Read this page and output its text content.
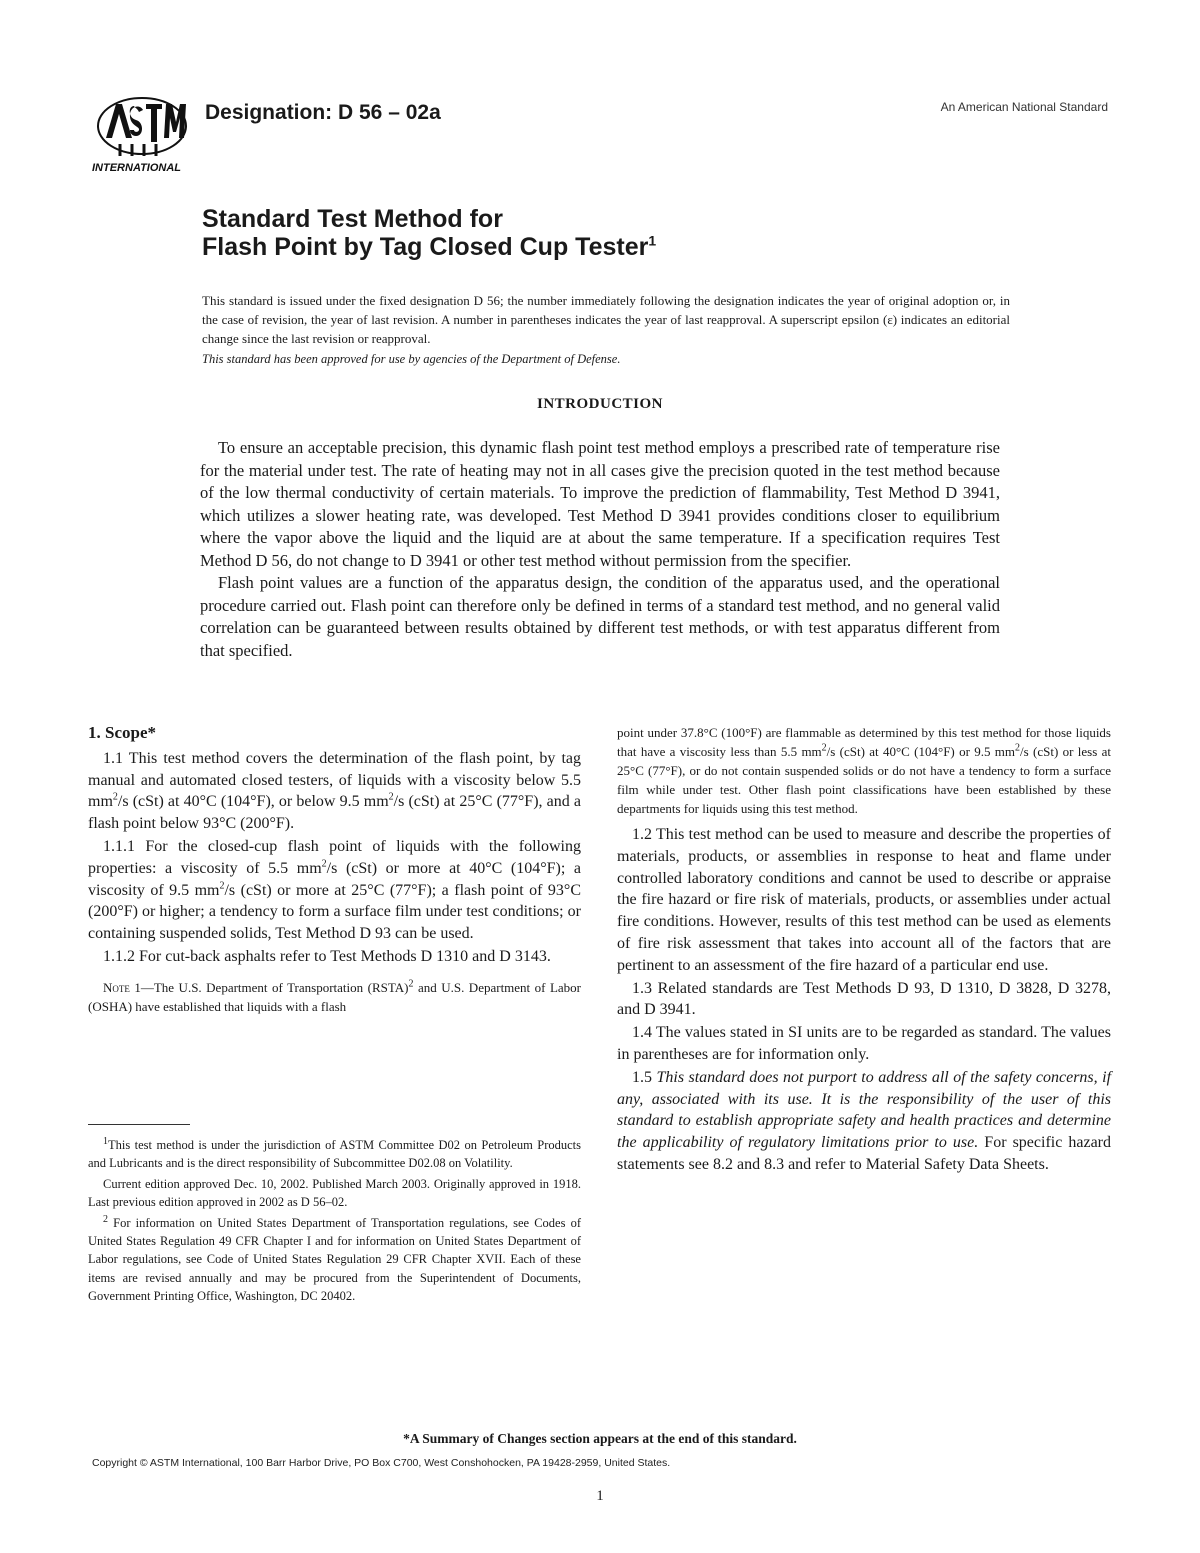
INTERNATIONAL
Designation: D 56 – 02a	An American National Standard
Standard Test Method for
Flash Point by Tag Closed Cup Tester$^1$
This standard is issued under the fixed designation D 56; the number immediately following the designation indicates the year of original adoption or, in the case of revision, the year of last revision. A number in parentheses indicates the year of last reapproval. A superscript epsilon (ε) indicates an editorial change since the last revision or reapproval.
This standard has been approved for use by agencies of the Department of Defense.
INTRODUCTION

To ensure an acceptable precision, this dynamic flash point test method employs a prescribed rate of temperature rise for the material under test. The rate of heating may not in all cases give the precision quoted in the test method because of the low thermal conductivity of certain materials. To improve the prediction of flammability, Test Method D 3941, which utilizes a slower heating rate, was developed. Test Method D 3941 provides conditions closer to equilibrium where the vapor above the liquid and the liquid are at about the same temperature. If a specification requires Test Method D 56, do not change to D 3941 or other test method without permission from the specifier.

Flash point values are a function of the apparatus design, the condition of the apparatus used, and the operational procedure carried out. Flash point can therefore only be defined in terms of a standard test method, and no general valid correlation can be guaranteed between results obtained by different test methods, or with test apparatus different from that specified.

1. Scope*

1.1 This test method covers the determination of the flash point, by tag manual and automated closed testers, of liquids with a viscosity below 5.5 $mm^2/s$ (cSt) at 40°C (104°F), or below 9.5 $mm^2/s$ (cSt) at 25°C (77°F), and a flash point below 93°C (200°F).

1.1.1 For the closed-cup flash point of liquids with the following properties: a viscosity of 5.5 $mm^2/s$ (cSt) or more at 40°C (104°F); a viscosity of 9.5 $mm^2/s$ (cSt) or more at 25°C (77°F); a flash point of 93°C (200°F) or higher; a tendency to form a surface film under test conditions; or containing suspended solids, Test Method D 93 can be used.

1.1.2 For cut-back asphalts refer to Test Methods D 1310 and D 3143.

Note 1—The U.S. Department of Transportation (RSTA)$^2$ and U.S. Department of Labor (OSHA) have established that liquids with a flash

$^1$This test method is under the jurisdiction of ASTM Committee D02 on Petroleum Products and Lubricants and is the direct responsibility of Subcommittee D02.08 on Volatility.

Current edition approved Dec. 10, 2002. Published March 2003. Originally approved in 1918. Last previous edition approved in 2002 as D 56–02.

$^2$ For information on United States Department of Transportation regulations, see Codes of United States Regulation 49 CFR Chapter I and for information on United States Department of Labor regulations, see Code of United States Regulation 29 CFR Chapter XVII. Each of these items are revised annually and may be procured from the Superintendent of Documents, Government Printing Office, Washington, DC 20402.

point under 37.8°C (100°F) are flammable as determined by this test method for those liquids that have a viscosity less than 5.5 $mm^2/s$ (cSt) at 40°C (104°F) or 9.5 $mm^2/s$ (cSt) or less at 25°C (77°F), or do not contain suspended solids or do not have a tendency to form a surface film while under test. Other flash point classifications have been established by these departments for liquids using this test method.

1.2 This test method can be used to measure and describe the properties of materials, products, or assemblies in response to heat and flame under controlled laboratory conditions and cannot be used to describe or appraise the fire hazard or fire risk of materials, products, or assemblies under actual fire conditions. However, results of this test method can be used as elements of fire risk assessment that takes into account all of the factors that are pertinent to an assessment of the fire hazard of a particular end use.

1.3 Related standards are Test Methods D 93, D 1310, D 3828, D 3278, and D 3941.

1.4 The values stated in SI units are to be regarded as standard. The values in parentheses are for information only.

1.5 This standard does not purport to address all of the safety concerns, if any, associated with its use. It is the responsibility of the user of this standard to establish appropriate safety and health practices and determine the applicability of regulatory limitations prior to use. For specific hazard statements see 8.2 and 8.3 and refer to Material Safety Data Sheets.

*A Summary of Changes section appears at the end of this standard.
Copyright © ASTM International, 100 Barr Harbor Drive, PO Box C700, West Conshohocken, PA 19428-2959, United States.
1
